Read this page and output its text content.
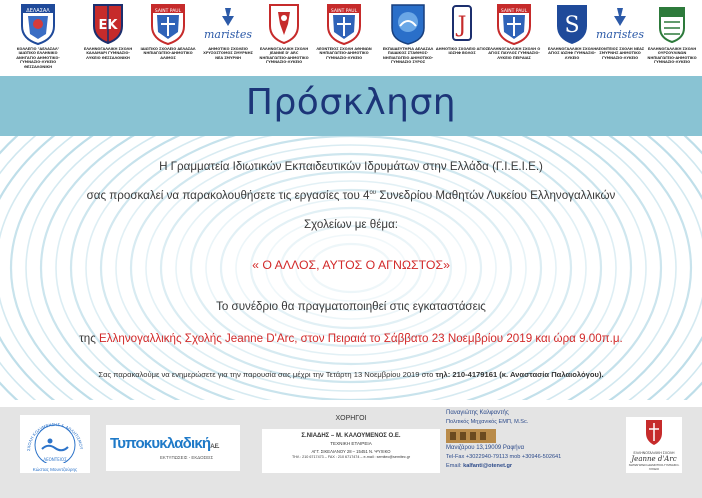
ΔΕΛΑΣΑΛ
ΚΟΛΛΕΓΙΟ "ΔΕΛΑΣΑΛ" ΙΔΙΩΤΙΚΟ ΕΛΛΗΝΙΚΟ ΑΝΗΓΑΓΙΟ ΔΗΜΟΤΙΚΟ-ΓΥΜΝΑΣΙΟ-ΛΥΚΕΙΟ ΘΕΣΣΑΛΟΝΙΚΗ
EK
ΕΛΛΗΝΟΓΑΛΛΙΚΗ ΣΧΟΛΗ ΚΑΛΑΜΑΡΙ ΓΥΜΝΑΣΙΟ-ΛΥΚΕΙΟ ΘΕΣΣΑΛΟΝΙΚΗ
SAINT PAUL
ΙΔΙΩΤΙΚΟ ΣΧΟΛΕΙΟ ΔΕΛΑΣΑΛ ΝΗΠΙΑΓΩΓΕΙΟ-ΔΗΜΟΤΙΚΟ ΑΛΙΜΟΣ
maristes
ΔΗΜΟΤΙΚΟ ΣΧΟΛΕΙΟ ΧΡΥΣΟΣΤΟΜΟΣ ΣΜΥΡΝΗΣ ΝΕΑ ΣΜΥΡΝΗ
ΕΛΛΗΝΟΓΑΛΛΙΚΗ ΣΧΟΛΗ JEANNE D' ARC ΝΗΠΙΑΓΩΓΕΙΟ-ΔΗΜΟΤΙΚΟ ΓΥΜΝΑΣΙΟ-ΛΥΚΕΙΟ
SAINT PAUL
ΛΕΟΝΤΕΙΟΣ ΣΧΟΛΗ ΑΘΗΝΩΝ ΝΗΠΙΑΓΩΓΕΙΟ-ΔΗΜΟΤΙΚΟ ΓΥΜΝΑΣΙΟ-ΛΥΚΕΙΟ
ΕΚΠΑΙΔΕΥΤΗΡΙΑ ΔΕΛΑΣΑΛ ΠΑΙΔΙΚΟΣ ΣΤΑΘΜΟΣ-ΝΗΠΙΑΓΩΓΕΙΟ ΔΗΜΟΤΙΚΟ-ΓΥΜΝΑΣΙΟ ΣΥΡΟΣ
J
ΔΗΜΟΤΙΚΟ ΣΧΟΛΕΙΟ ΑΓΙΟΣ ΙΩΣΗΦ ΒΟΛΟΣ
SAINT PAUL
ΕΛΛΗΝΟΓΑΛΛΙΚΗ ΣΧΟΛΗ Ο ΑΓΙΟΣ ΠΑΥΛΟΣ ΓΥΜΝΑΣΙΟ-ΛΥΚΕΙΟ ΠΕΙΡΑΙΑΣ
S
ΕΛΛΗΝΟΓΑΛΛΙΚΗ ΣΧΟΛΗ ΑΓΙΟΣ ΙΩΣΗΦ ΓΥΜΝΑΣΙΟ-ΛΥΚΕΙΟ
maristes
ΛΕΟΝΤΕΙΟΣ ΣΧΟΛΗ ΝΕΑΣ ΣΜΥΡΝΗΣ ΔΗΜΟΤΙΚΟ ΓΥΜΝΑΣΙΟ-ΛΥΚΕΙΟ
ΕΛΛΗΝΟΓΑΛΛΙΚΗ ΣΧΟΛΗ ΟΥΡΣΟΥΛΙΝΩΝ ΝΗΠΙΑΓΩΓΕΙΟ-ΔΗΜΟΤΙΚΟ ΓΥΜΝΑΣΙΟ-ΛΥΚΕΙΟ
Πρόσκληση
Η Γραμματεία Ιδιωτικών Εκπαιδευτικών Ιδρυμάτων στην Ελλάδα (Γ.Ι.Ε.Ι.Ε.)
σας προσκαλεί να παρακολουθήσετε τις εργασίες του $4^{o\upsilon}$ Συνεδρίου Μαθητών Λυκείου Ελληνογαλλικών
Σχολείων με θέμα:
« Ο ΑΛΛΟΣ, ΑΥΤΟΣ Ο ΑΓΝΩΣΤΟΣ»
Το συνέδριο θα πραγματοποιηθεί στις εγκαταστάσεις
της Ελληνογαλλικής Σχολής Jeanne D'Arc, στον Πειραιά το Σάββατο 23 Νοεμβρίου 2019 και ώρα 9.00π.μ.
Σας παρακαλούμε να ενημερώσετε για την παρουσία σας μέχρι την Τετάρτη 13 Νοεμβρίου 2019 στο τηλ: 210-4179161 (κ. Αναστασία Παλαιολόγου).
ΣΧΟΛΗ ΚΟΛΥΜΒΗΣΗΣ & ΑΘΛΗΤΙΣΜΟΥ
ΛΕΟΝΤΕΙΟΣ
Κώστας Μουντζούρης
ΤυποκυκλαδικήΑ.Ε.
ΕΚΤΥΠΩΣΕΙΣ - ΕΚΔΟΣΕΙΣ
ΧΟΡΗΓΟΙ
Σ.ΝΙΑΔΗΣ – Μ. ΚΑΛΟΥΜΕΝΟΣ Ο.Ε.
ΤΕΧΝΙΚΗ ΕΤΑΙΡΕΙΑ
ΑΓΓ. ΣΙΚΕΛΙΑΝΟΥ 28 – 15451 Ν. ΨΥΧΙΚΟ
ΤΗΛ : 210 6717473 – FAX : 210 6717474 – e-mail : semitec@semitec.gr
Παναγιώτης Καλφαντής
Πολιτικός Μηχανικός ΕΜΠ, M.Sc.
Μανιζάρου 13,19009 Ραφήνα
Tel-Fax +3022940-79113 mob +30946-502641
Email: kalfanti@otenet.gr
ΕΛΛΗΝΟΓΑΛΛΙΚΗ ΣΧΟΛΗ
Jeanne d'Arc
ΝΗΠΙΑΓΩΓΕΙΟ-ΔΗΜΟΤΙΚΟ-ΓΥΜΝΑΣΙΟ-ΛΥΚΕΙΟ
